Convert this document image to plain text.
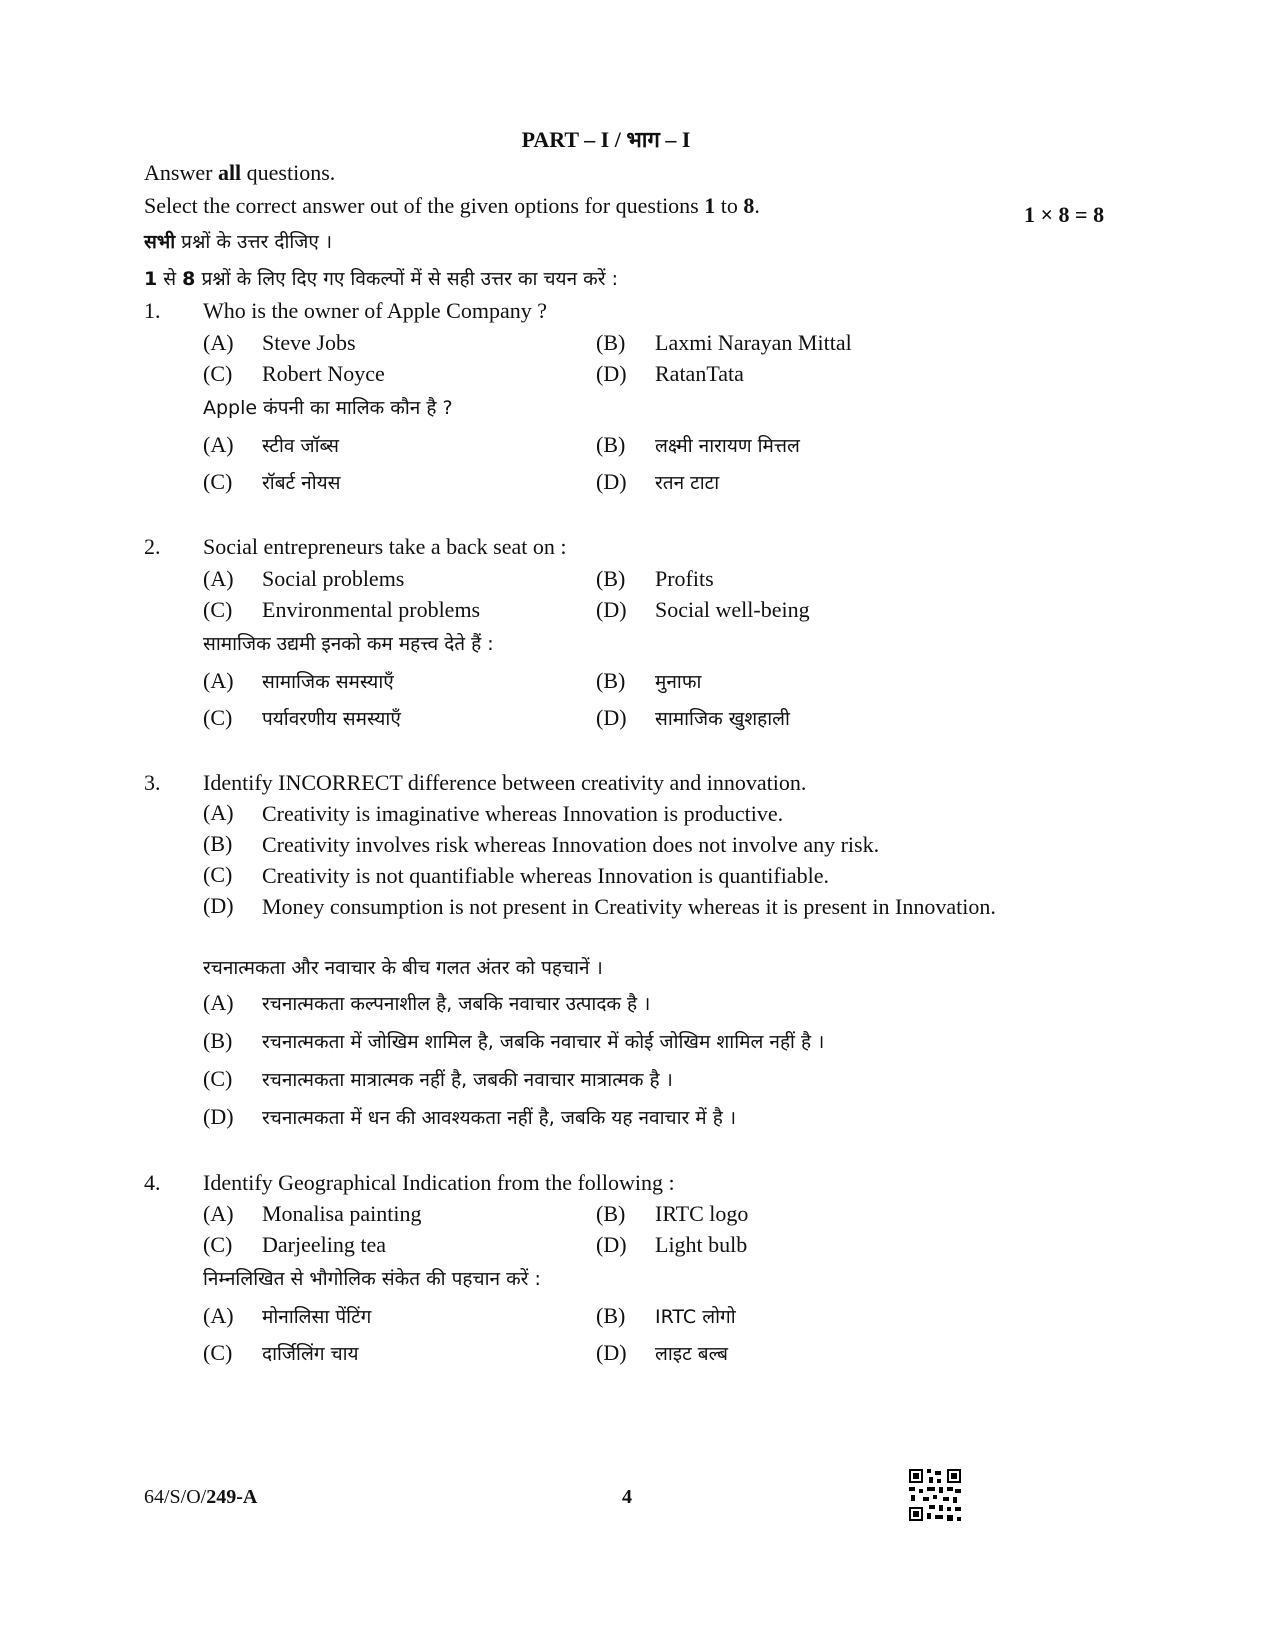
PART – I / भाग – I
Answer all questions.
Select the correct answer out of the given options for questions 1 to 8.	1 × 8 = 8
सभी प्रश्नों के उत्तर दीजिए ।
1 से 8 प्रश्नों के लिए दिए गए विकल्पों में से सही उत्तर का चयन करें :
1. Who is the owner of Apple Company ?
(A) Steve Jobs	(B) Laxmi Narayan Mittal
(C) Robert Noyce	(D) RatanTata
Apple कंपनी का मालिक कौन है ?
(A) स्टीव जॉब्स	(B) लक्ष्मी नारायण मित्तल
(C) रॉबर्ट नोयस	(D) रतन टाटा
2. Social entrepreneurs take a back seat on :
(A) Social problems	(B) Profits
(C) Environmental problems	(D) Social well-being
सामाजिक उद्यमी इनको कम महत्त्व देते हैं :
(A) सामाजिक समस्याएँ	(B) मुनाफा
(C) पर्यावरणीय समस्याएँ	(D) सामाजिक खुशहाली
3. Identify INCORRECT difference between creativity and innovation.
(A) Creativity is imaginative whereas Innovation is productive.
(B) Creativity involves risk whereas Innovation does not involve any risk.
(C) Creativity is not quantifiable whereas Innovation is quantifiable.
(D) Money consumption is not present in Creativity whereas it is present in Innovation.
रचनात्मकता और नवाचार के बीच गलत अंतर को पहचानें ।
(A) रचनात्मकता कल्पनाशील है, जबकि नवाचार उत्पादक है ।
(B) रचनात्मकता में जोखिम शामिल है, जबकि नवाचार में कोई जोखिम शामिल नहीं है ।
(C) रचनात्मकता मात्रात्मक नहीं है, जबकी नवाचार मात्रात्मक है ।
(D) रचनात्मकता में धन की आवश्यकता नहीं है, जबकि यह नवाचार में है ।
4. Identify Geographical Indication from the following :
(A) Monalisa painting	(B) IRTC logo
(C) Darjeeling tea	(D) Light bulb
निम्नलिखित से भौगोलिक संकेत की पहचान करें :
(A) मोनालिसा पेंटिंग	(B) IRTC लोगो
(C) दार्जिलिंग चाय	(D) लाइट बल्ब
64/S/O/249-A	4
